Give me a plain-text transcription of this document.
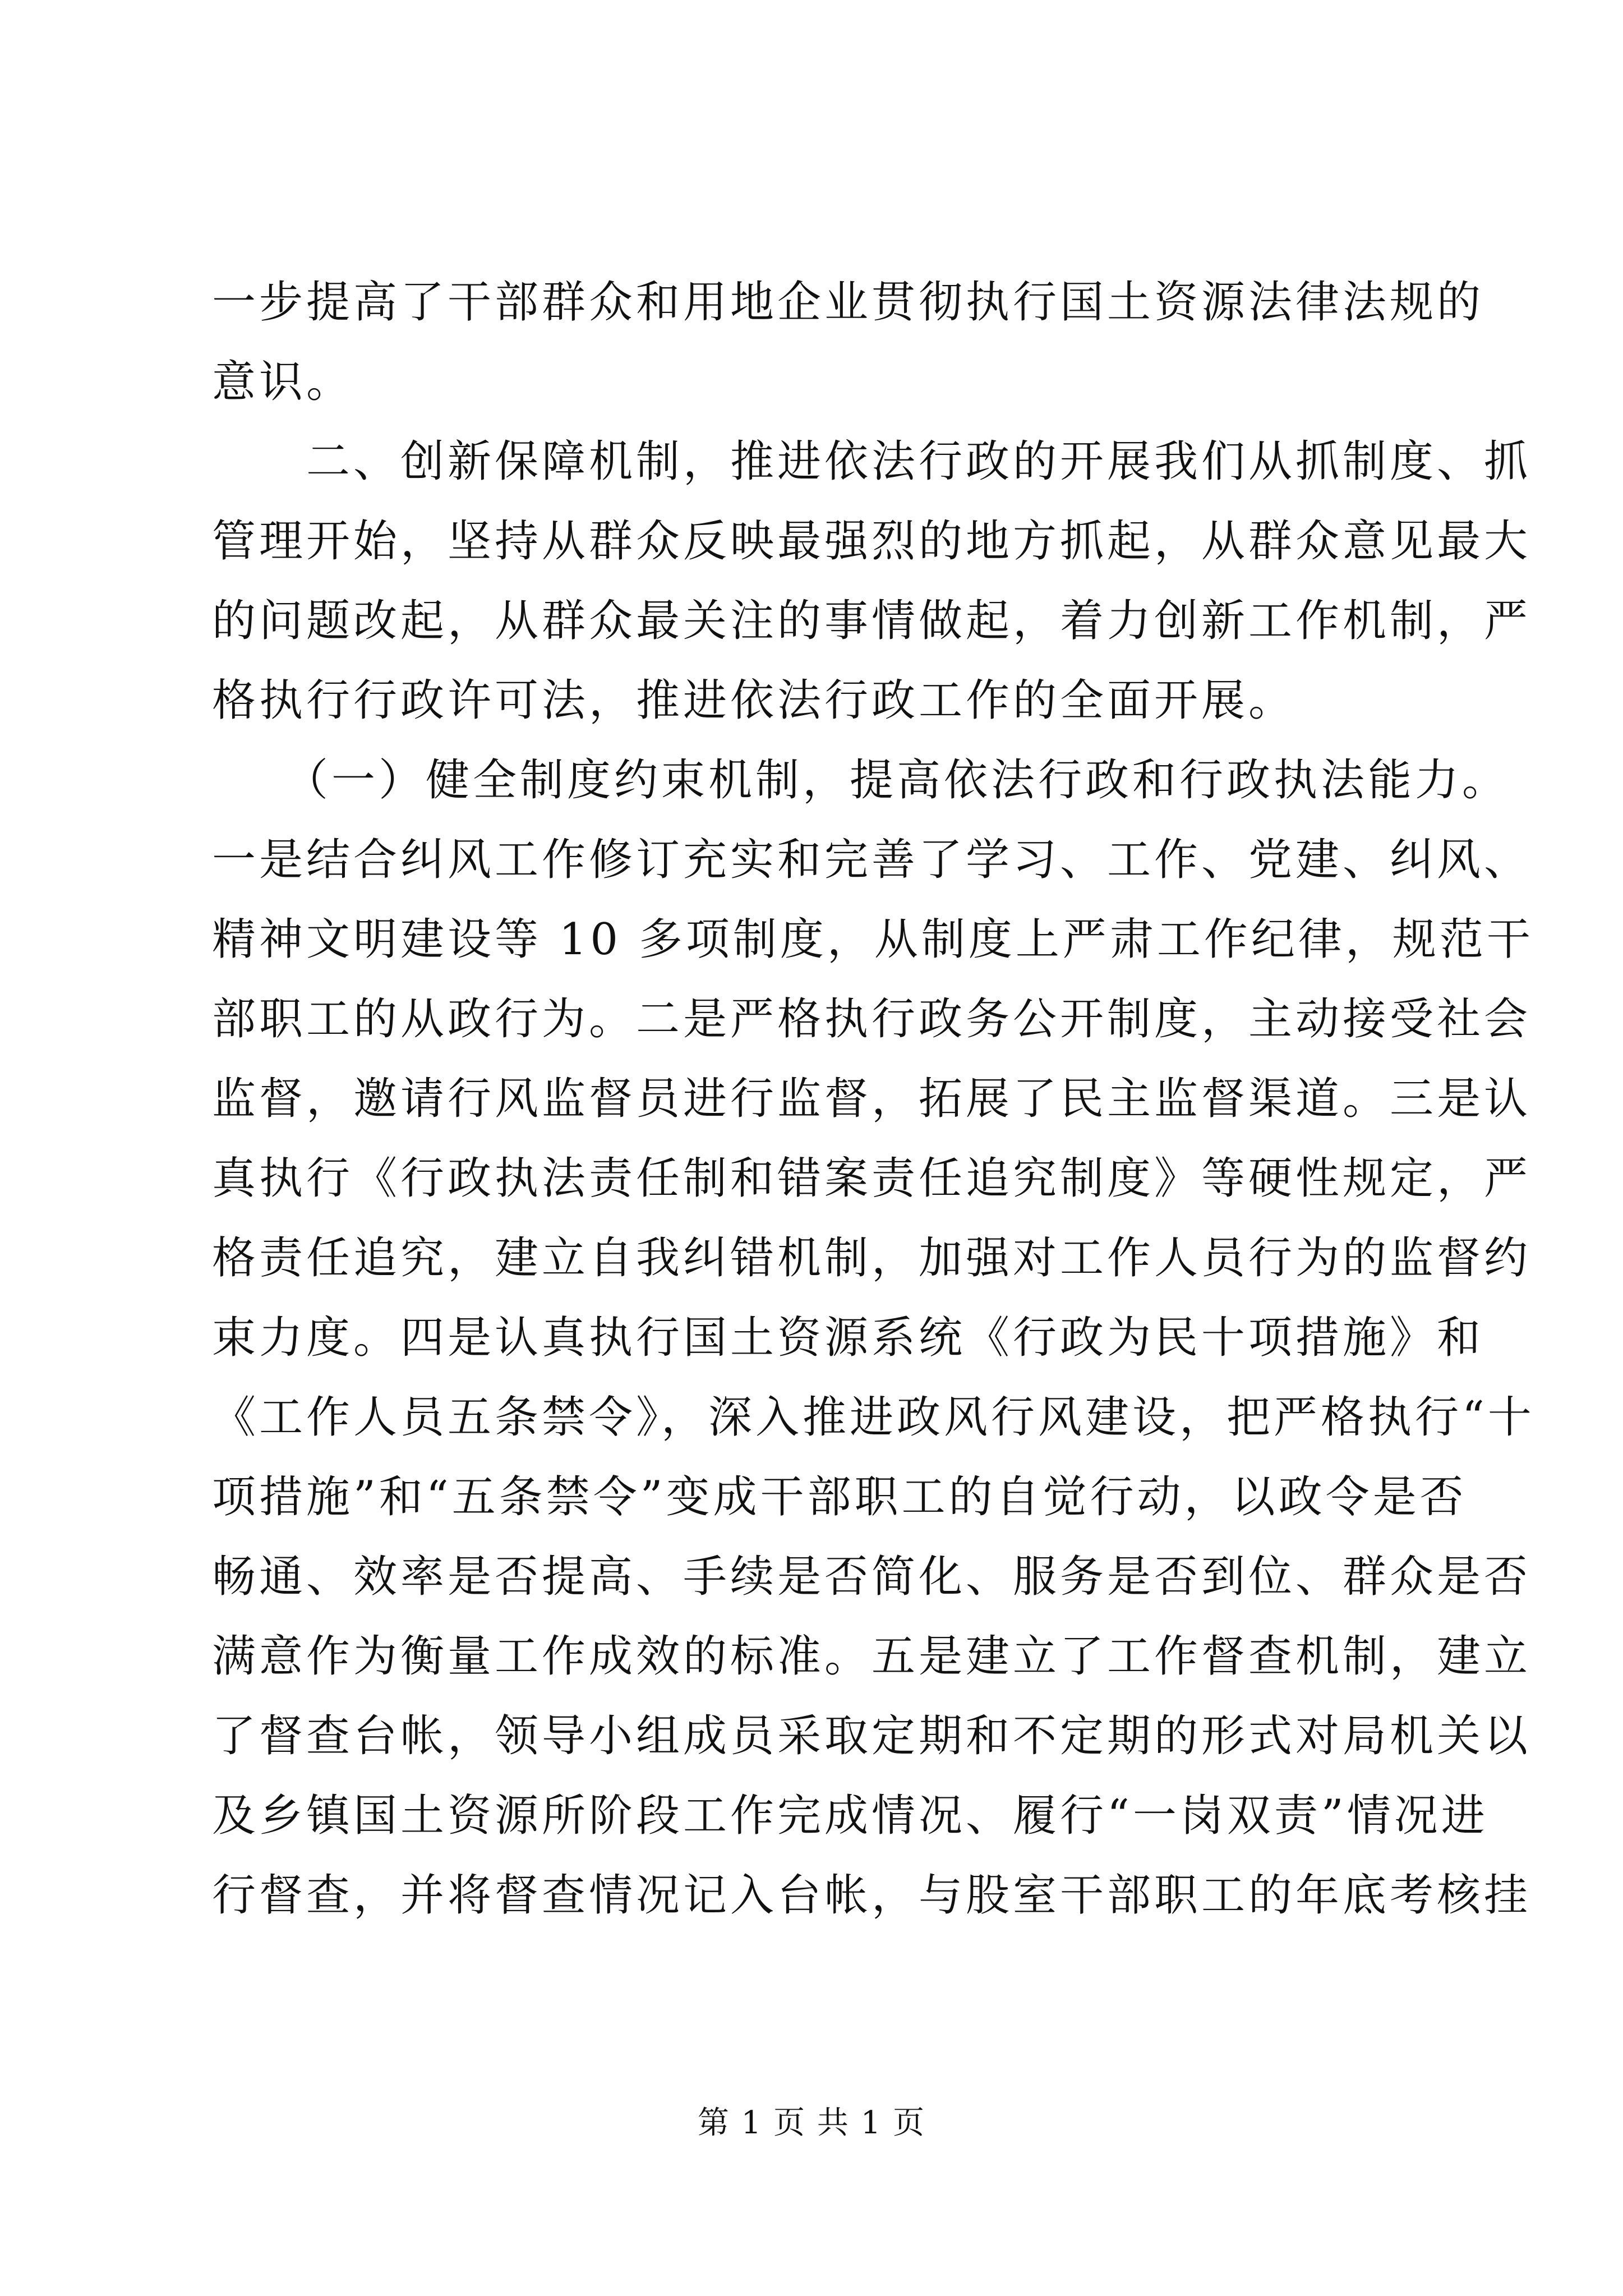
一步提高了干部群众和用地企业贯彻执行国土资源法律法规的
意识。
　　二、创新保障机制，推进依法行政的开展我们从抓制度、抓
管理开始，坚持从群众反映最强烈的地方抓起，从群众意见最大
的问题改起，从群众最关注的事情做起，着力创新工作机制，严
格执行行政许可法，推进依法行政工作的全面开展。
　　（一）健全制度约束机制，提高依法行政和行政执法能力。
一是结合纠风工作修订充实和完善了学习、工作、党建、纠风、
精神文明建设等 10 多项制度，从制度上严肃工作纪律，规范干
部职工的从政行为。二是严格执行政务公开制度，主动接受社会
监督，邀请行风监督员进行监督，拓展了民主监督渠道。三是认
真执行《行政执法责任制和错案责任追究制度》等硬性规定，严
格责任追究，建立自我纠错机制，加强对工作人员行为的监督约
束力度。四是认真执行国土资源系统《行政为民十项措施》和
《工作人员五条禁令》，深入推进政风行风建设，把严格执行“十
项措施”和“五条禁令”变成干部职工的自觉行动，以政令是否
畅通、效率是否提高、手续是否简化、服务是否到位、群众是否
满意作为衡量工作成效的标准。五是建立了工作督查机制，建立
了督查台帐，领导小组成员采取定期和不定期的形式对局机关以
及乡镇国土资源所阶段工作完成情况、履行“一岗双责”情况进
行督查，并将督查情况记入台帐，与股室干部职工的年底考核挂
第 1 页 共 1 页
